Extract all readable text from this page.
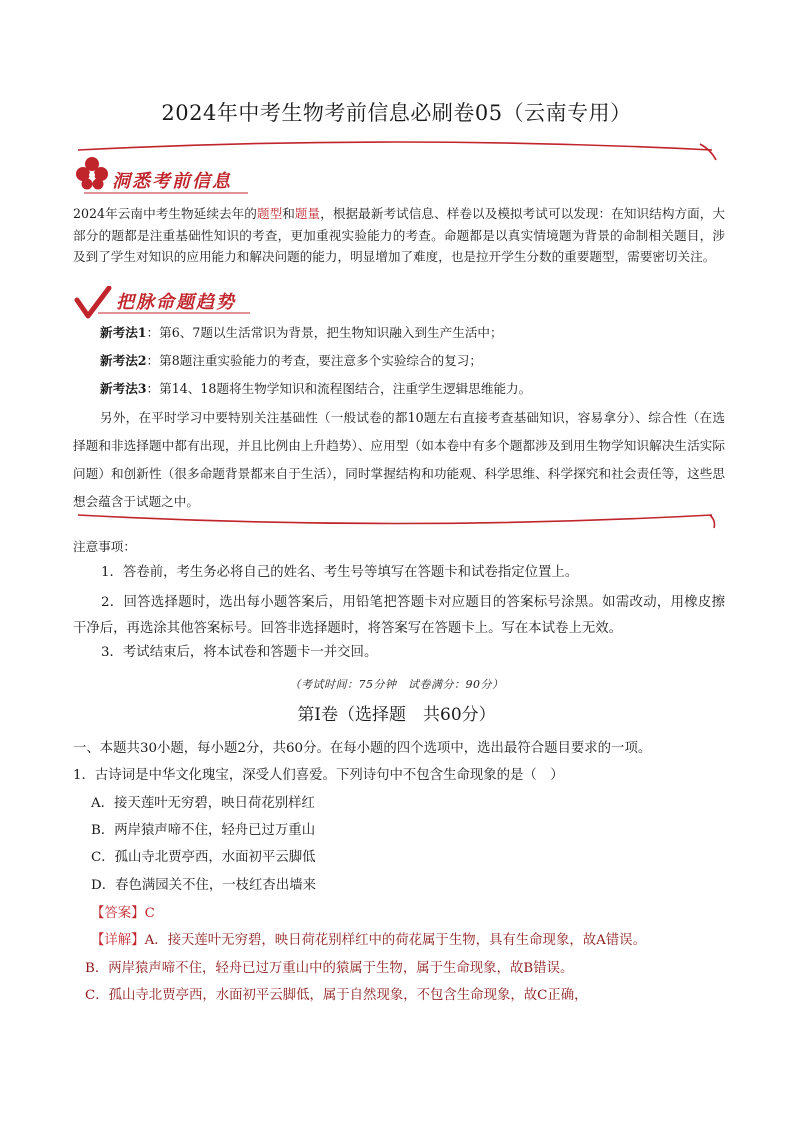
2024年中考生物考前信息必刷卷05（云南专用）
洞悉考前信息
2024年云南中考生物延续去年的题型和题量，根据最新考试信息、样卷以及模拟考试可以发现：在知识结构方面，大部分的题都是注重基础性知识的考查，更加重视实验能力的考查。命题都是以真实情境题为背景的命制相关题目，涉及到了学生对知识的应用能力和解决问题的能力，明显增加了难度，也是拉开学生分数的重要题型，需要密切关注。
把脉命题趋势
新考法1：第6、7题以生活常识为背景，把生物知识融入到生产生活中；
新考法2：第8题注重实验能力的考查，要注意多个实验综合的复习；
新考法3：第14、18题将生物学知识和流程图结合，注重学生逻辑思维能力。
另外，在平时学习中要特别关注基础性（一般试卷的都10题左右直接考查基础知识，容易拿分）、综合性（在选择题和非选择题中都有出现，并且比例由上升趋势）、应用型（如本卷中有多个题都涉及到用生物学知识解决生活实际问题）和创新性（很多命题背景都来自于生活），同时掌握结构和功能观、科学思维、科学探究和社会责任等，这些思想会蕴含于试题之中。
注意事项：
1．答卷前，考生务必将自己的姓名、考生号等填写在答题卡和试卷指定位置上。
2．回答选择题时，选出每小题答案后，用铅笔把答题卡对应题目的答案标号涂黑。如需改动，用橡皮擦干净后，再选涂其他答案标号。回答非选择题时，将答案写在答题卡上。写在本试卷上无效。
3．考试结束后，将本试卷和答题卡一并交回。
（考试时间：75分钟　试卷满分：90分）
第Ⅰ卷（选择题　共60分）
一、本题共30小题，每小题2分，共60分。在每小题的四个选项中，选出最符合题目要求的一项。
1．古诗词是中华文化瑰宝，深受人们喜爱。下列诗句中不包含生命现象的是（　）
A．接天莲叶无穷碧，映日荷花别样红
B．两岸猿声啼不住，轻舟已过万重山
C．孤山寺北贾亭西，水面初平云脚低
D．春色满园关不住，一枝红杏出墙来
【答案】C
【详解】A．接天莲叶无穷碧，映日荷花别样红中的荷花属于生物，具有生命现象，故A错误。
B．两岸猿声啼不住，轻舟已过万重山中的猿属于生物，属于生命现象，故B错误。
C．孤山寺北贾亭西，水面初平云脚低，属于自然现象，不包含生命现象，故C正确，
